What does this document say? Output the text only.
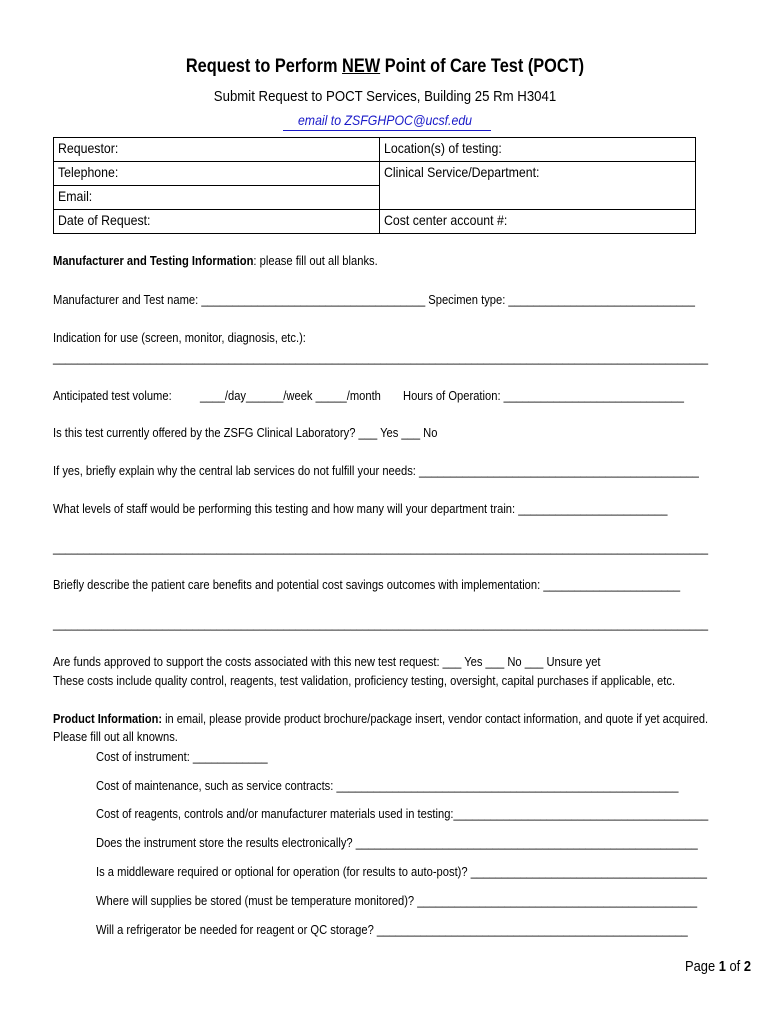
Request to Perform NEW Point of Care Test (POCT)
Submit Request to POCT Services, Building 25 Rm H3041
email to ZSFGHPOC@ucsf.edu
Requestor:	Location(s) of testing:
Telephone:	Clinical Service/Department:
Email:	
Date of Request:	Cost center account #:
Manufacturer and Testing Information: please fill out all blanks.
Manufacturer and Test name: ____________________________________ Specimen type: ______________________________
Indication for use (screen, monitor, diagnosis, etc.):
____________________________________________________________________________________________________________
Anticipated test volume: ____/day______/week _____/month Hours of Operation: _____________________________
Is this test currently offered by the ZSFG Clinical Laboratory? ___ Yes ___ No
If yes, briefly explain why the central lab services do not fulfill your needs: _____________________________________________
What levels of staff would be performing this testing and how many will your department train: ________________________
____________________________________________________________________________________________________________
Briefly describe the patient care benefits and potential cost savings outcomes with implementation: ______________________
____________________________________________________________________________________________________________
Are funds approved to support the costs associated with this new test request: ___ Yes ___ No ___ Unsure yet
These costs include quality control, reagents, test validation, proficiency testing, oversight, capital purchases if applicable, etc.
Product Information: in email, please provide product brochure/package insert, vendor contact information, and quote if yet acquired.
Please fill out all knowns.
Cost of instrument: ____________
Cost of maintenance, such as service contracts: _______________________________________________________
Cost of reagents, controls and/or manufacturer materials used in testing:_________________________________________
Does the instrument store the results electronically? _______________________________________________________
Is a middleware required or optional for operation (for results to auto-post)? ______________________________________
Where will supplies be stored (must be temperature monitored)? _____________________________________________
Will a refrigerator be needed for reagent or QC storage? __________________________________________________
Page 1 of 2
